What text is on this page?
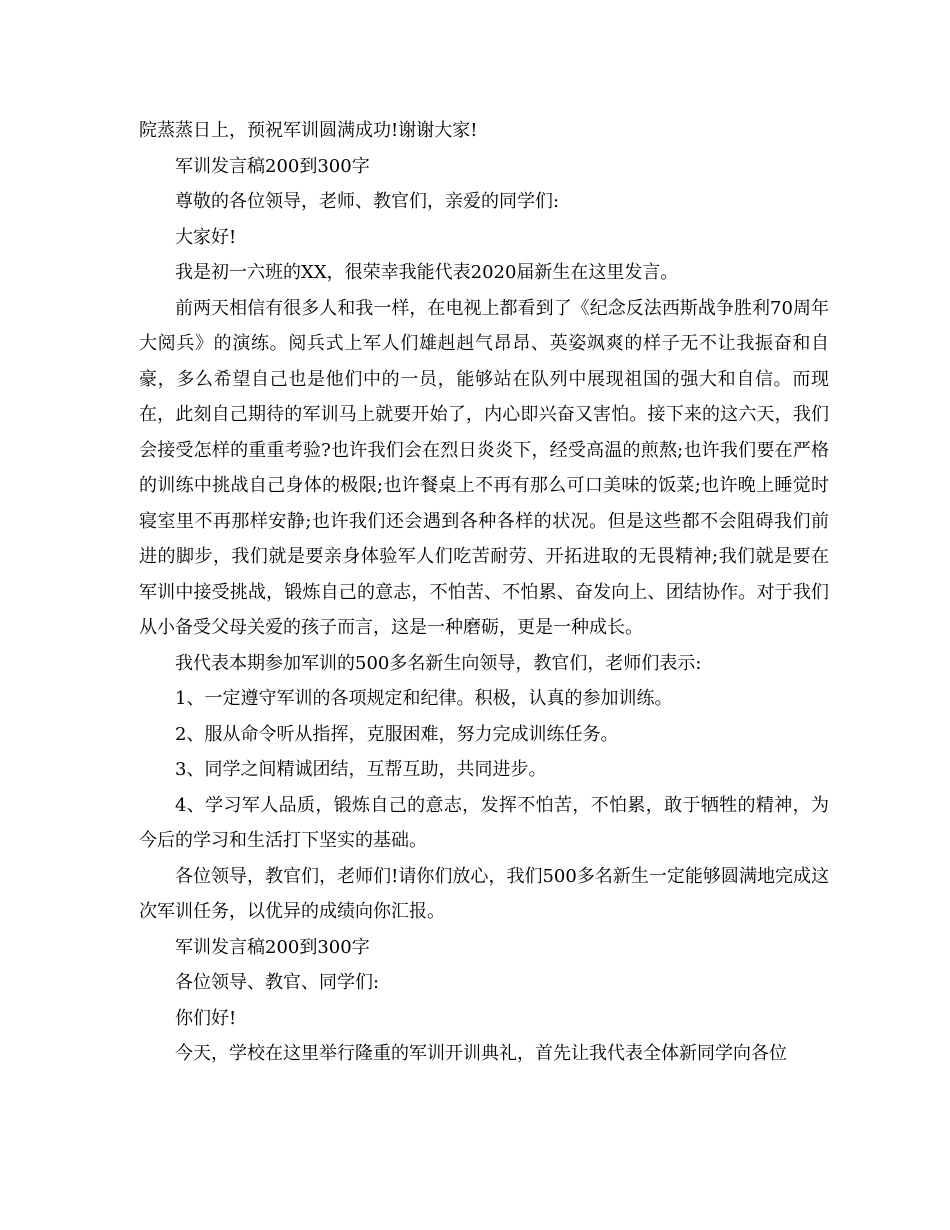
院蒸蒸日上，预祝军训圆满成功!谢谢大家!

军训发言稿200到300字

尊敬的各位领导，老师、教官们，亲爱的同学们:

大家好!

我是初一六班的XX，很荣幸我能代表2020届新生在这里发言。

前两天相信有很多人和我一样，在电视上都看到了《纪念反法西斯战争胜利70周年大阅兵》的演练。阅兵式上军人们雄赳赳气昂昂、英姿飒爽的样子无不让我振奋和自豪，多么希望自己也是他们中的一员，能够站在队列中展现祖国的强大和自信。而现在，此刻自己期待的军训马上就要开始了，内心即兴奋又害怕。接下来的这六天，我们会接受怎样的重重考验?也许我们会在烈日炎炎下，经受高温的煎熬;也许我们要在严格的训练中挑战自己身体的极限;也许餐桌上不再有那么可口美味的饭菜;也许晚上睡觉时寝室里不再那样安静;也许我们还会遇到各种各样的状况。但是这些都不会阻碍我们前进的脚步，我们就是要亲身体验军人们吃苦耐劳、开拓进取的无畏精神;我们就是要在军训中接受挑战，锻炼自己的意志，不怕苦、不怕累、奋发向上、团结协作。对于我们从小备受父母关爱的孩子而言，这是一种磨砺，更是一种成长。

我代表本期参加军训的500多名新生向领导，教官们，老师们表示:

1、一定遵守军训的各项规定和纪律。积极，认真的参加训练。

2、服从命令听从指挥，克服困难，努力完成训练任务。

3、同学之间精诚团结，互帮互助，共同进步。

4、学习军人品质，锻炼自己的意志，发挥不怕苦，不怕累，敢于牺牲的精神，为今后的学习和生活打下坚实的基础。

各位领导，教官们，老师们!请你们放心，我们500多名新生一定能够圆满地完成这次军训任务，以优异的成绩向你汇报。

军训发言稿200到300字

各位领导、教官、同学们:

你们好!

今天，学校在这里举行隆重的军训开训典礼，首先让我代表全体新同学向各位
